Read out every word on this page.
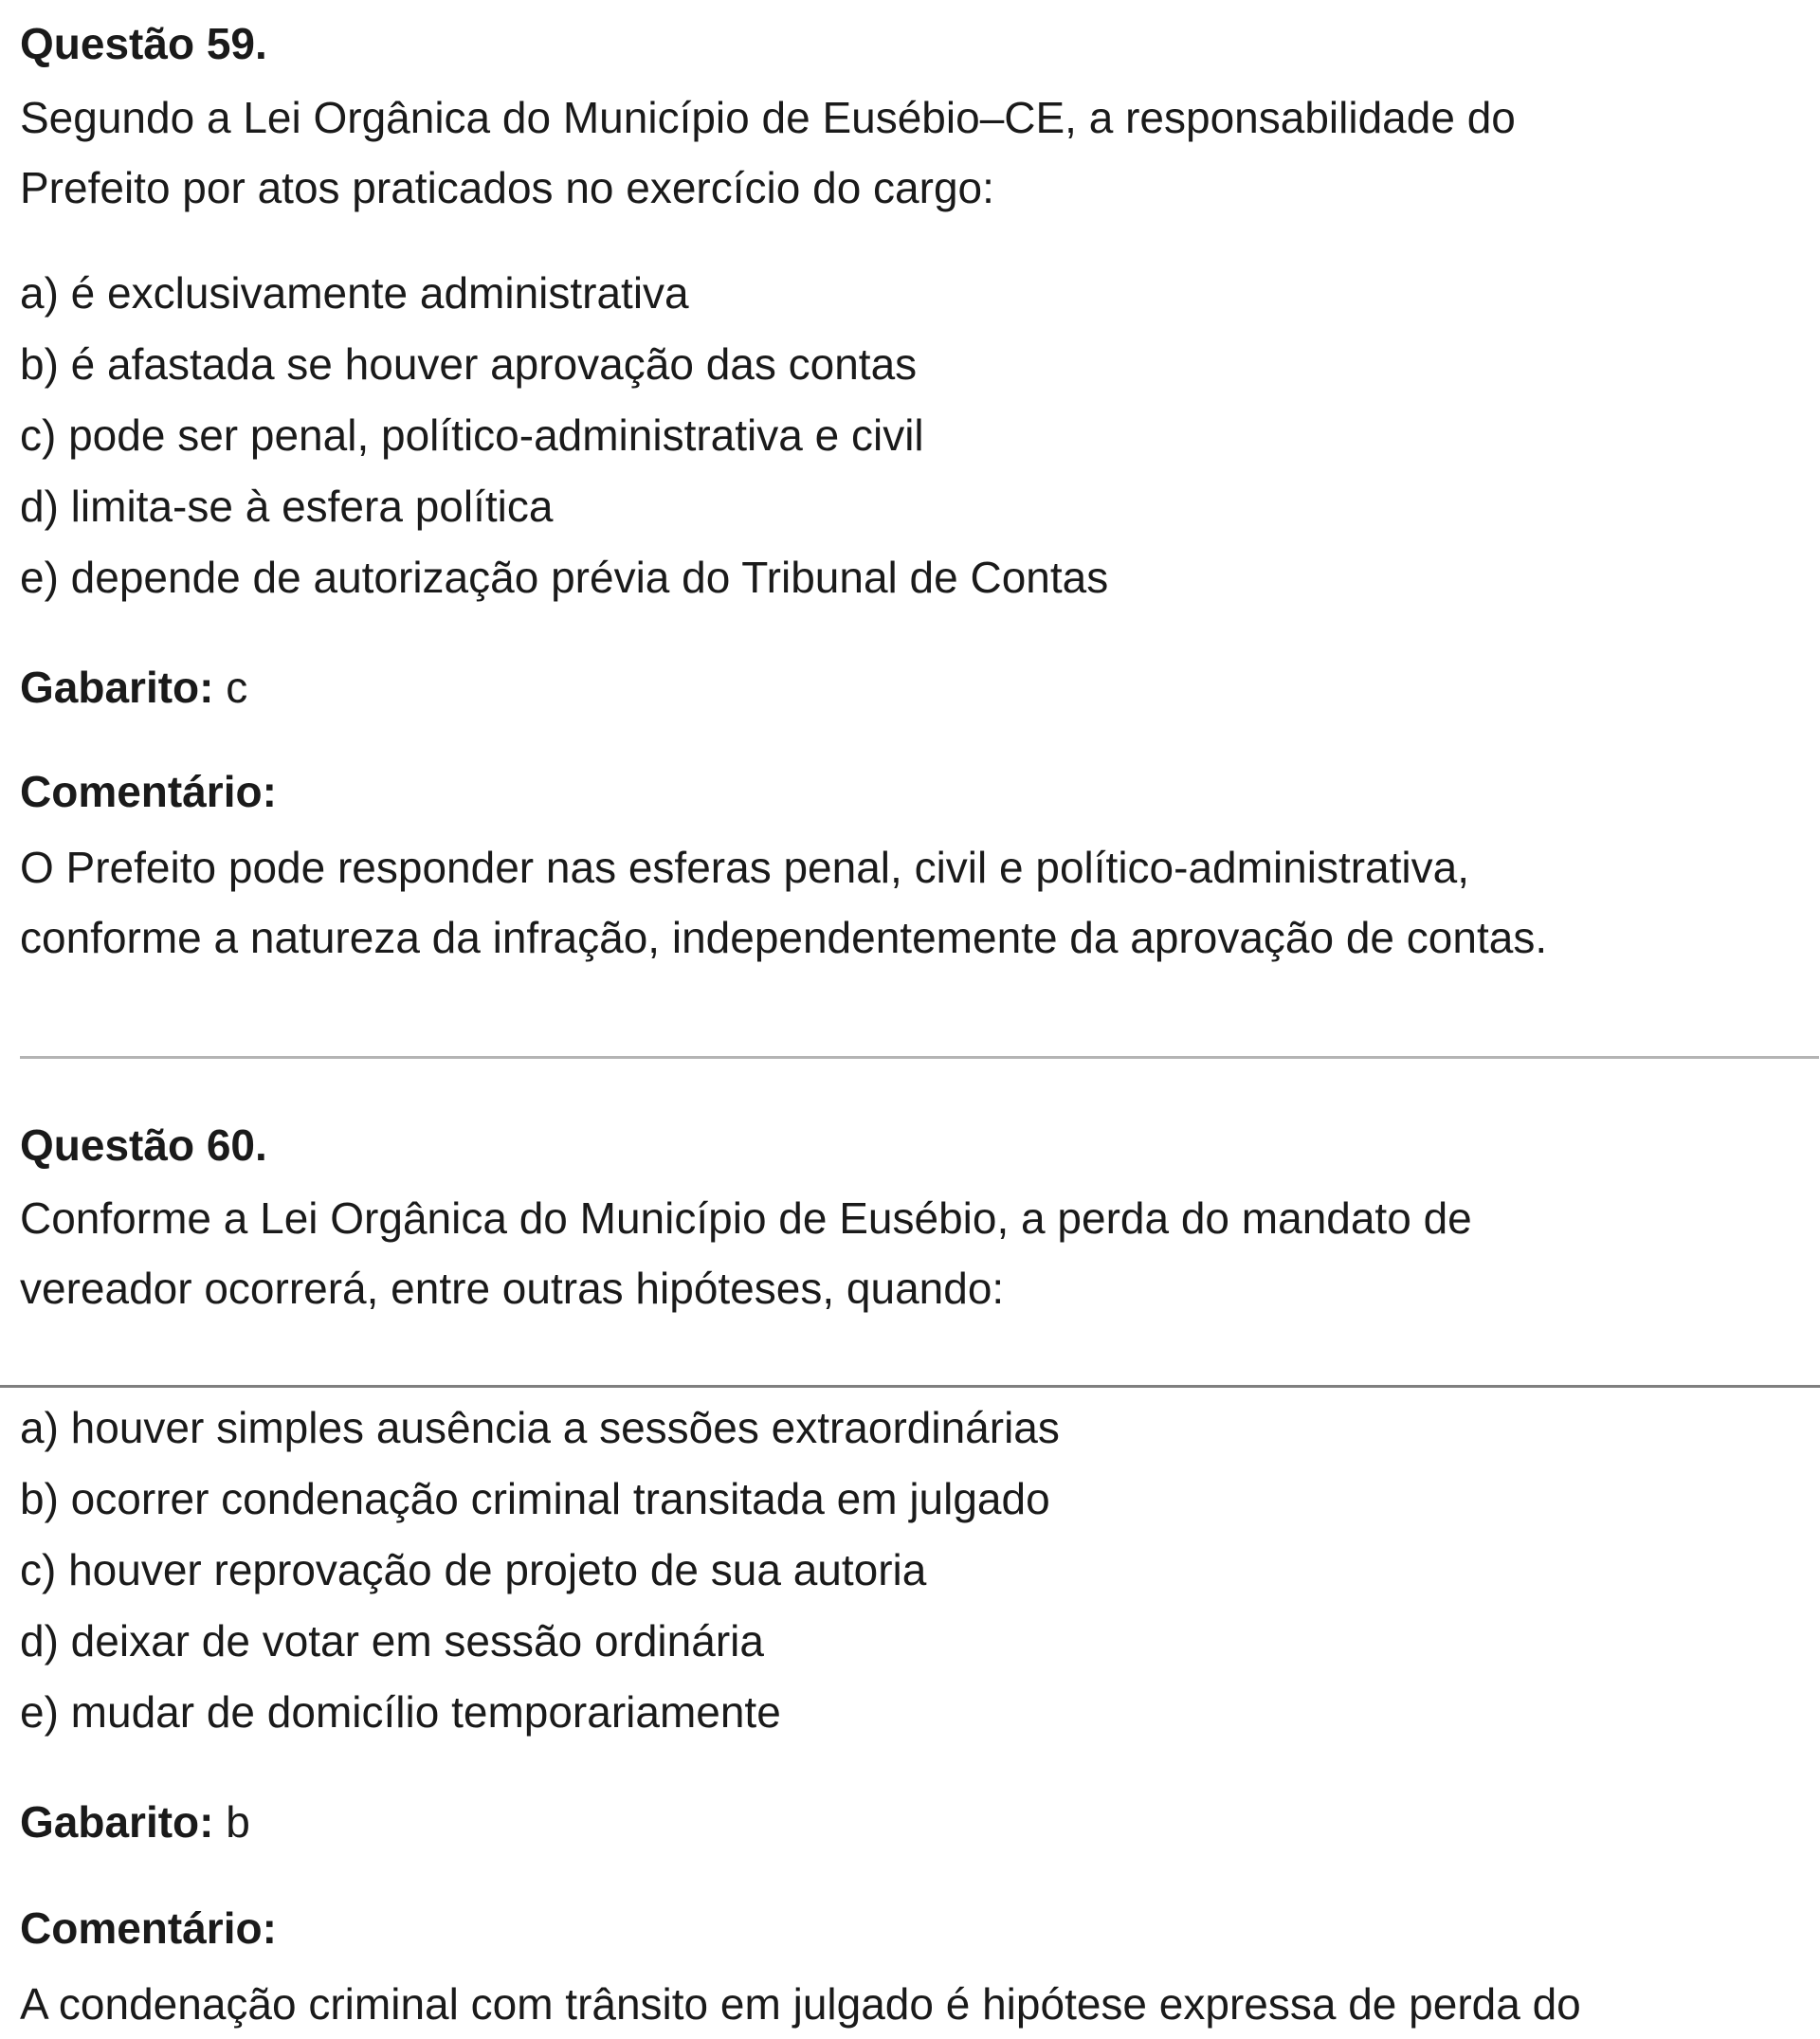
Questão 59.

Segundo a Lei Orgânica do Município de Eusébio–CE, a responsabilidade do

Prefeito por atos praticados no exercício do cargo:

a) é exclusivamente administrativa

b) é afastada se houver aprovação das contas

c) pode ser penal, político-administrativa e civil

d) limita-se à esfera política

e) depende de autorização prévia do Tribunal de Contas

Gabarito: c

Comentário:

O Prefeito pode responder nas esferas penal, civil e político-administrativa,

conforme a natureza da infração, independentemente da aprovação de contas.

Questão 60.

Conforme a Lei Orgânica do Município de Eusébio, a perda do mandato de

vereador ocorrerá, entre outras hipóteses, quando:

a) houver simples ausência a sessões extraordinárias

b) ocorrer condenação criminal transitada em julgado

c) houver reprovação de projeto de sua autoria

d) deixar de votar em sessão ordinária

e) mudar de domicílio temporariamente

Gabarito: b

Comentário:

A condenação criminal com trânsito em julgado é hipótese expressa de perda do
